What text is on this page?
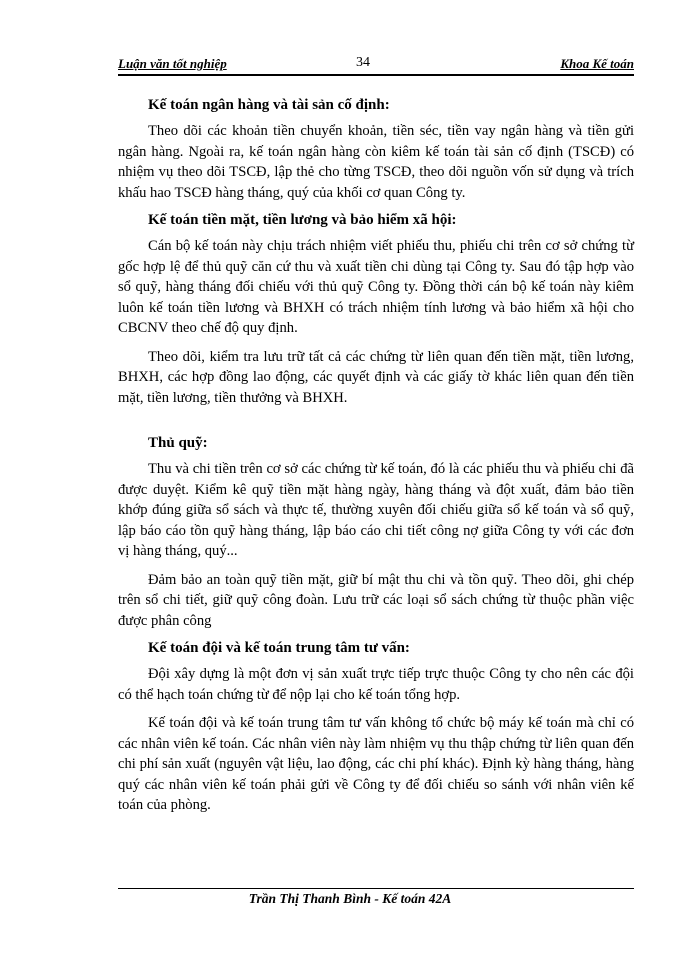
Luận văn tốt nghiệp	34	Khoa Kế toán
Kế toán ngân hàng và tài sản cố định:

Theo dõi các khoản tiền chuyển khoản, tiền séc, tiền vay ngân hàng và tiền gửi ngân hàng. Ngoài ra, kế toán ngân hàng còn kiêm kế toán tài sản cố định (TSCĐ) có nhiệm vụ theo dõi TSCĐ, lập thẻ cho từng TSCĐ, theo dõi nguồn vốn sử dụng và trích khấu hao TSCĐ hàng tháng, quý của khối cơ quan Công ty.

Kế toán tiền mặt, tiền lương và bảo hiểm xã hội:

Cán bộ kế toán này chịu trách nhiệm viết phiếu thu, phiếu chi trên cơ sở chứng từ gốc hợp lệ để thủ quỹ căn cứ thu và xuất tiền chi dùng tại Công ty. Sau đó tập hợp vào sổ quỹ, hàng tháng đối chiếu với thủ quỹ Công ty. Đồng thời cán bộ kế toán này kiêm luôn kế toán tiền lương và BHXH có trách nhiệm tính lương và bảo hiểm xã hội cho CBCNV theo chế độ quy định.

Theo dõi, kiểm tra lưu trữ tất cả các chứng từ liên quan đến tiền mặt, tiền lương, BHXH, các hợp đồng lao động, các quyết định và các giấy tờ khác liên quan đến tiền mặt, tiền lương, tiền thưởng và BHXH.

Thủ quỹ:

Thu và chi tiền trên cơ sở các chứng từ kế toán, đó là các phiếu thu và phiếu chi đã được duyệt. Kiểm kê quỹ tiền mặt hàng ngày, hàng tháng và đột xuất, đảm bảo tiền khớp đúng giữa sổ sách và thực tế, thường xuyên đối chiếu giữa sổ kế toán và sổ quỹ, lập báo cáo tồn quỹ hàng tháng, lập báo cáo chi tiết công nợ giữa Công ty với các đơn vị hàng tháng, quý...

Đảm bảo an toàn quỹ tiền mặt, giữ bí mật thu chi và tồn quỹ. Theo dõi, ghi chép trên sổ chi tiết, giữ quỹ công đoàn. Lưu trữ các loại sổ sách chứng từ thuộc phần việc được phân công

Kế toán đội và kế toán trung tâm tư vấn:

Đội xây dựng là một đơn vị sản xuất trực tiếp trực thuộc Công ty cho nên các đội có thể hạch toán chứng từ để nộp lại cho kế toán tổng hợp.

Kế toán đội và kế toán trung tâm tư vấn không tổ chức bộ máy kế toán mà chỉ có các nhân viên kế toán. Các nhân viên này làm nhiệm vụ thu thập chứng từ liên quan đến chi phí sản xuất (nguyên vật liệu, lao động, các chi phí khác). Định kỳ hàng tháng, hàng quý các nhân viên kế toán phải gửi về Công ty để đối chiếu so sánh với nhân viên kế toán của phòng.

Trần Thị Thanh Bình - Kế toán 42A
